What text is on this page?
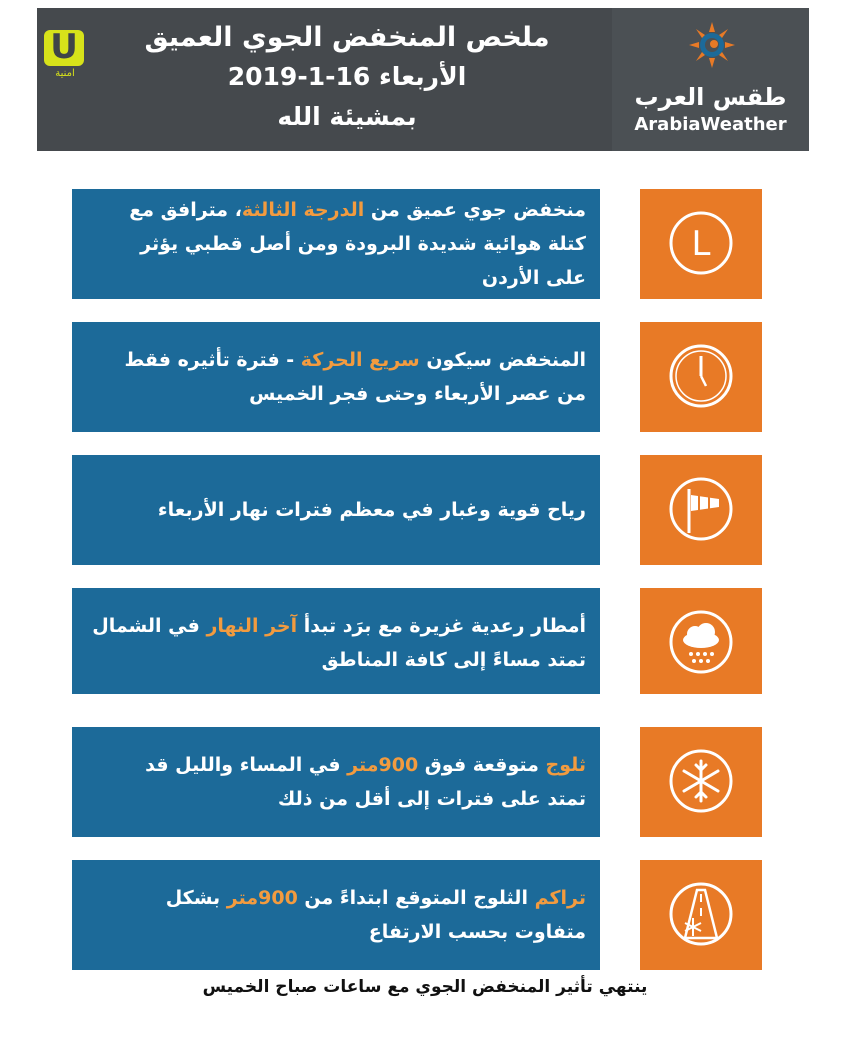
U
امنية
ملخص المنخفض الجوي العميق
الأربعاء 16-1-2019
بمشيئة الله
طقس العرب
ArabiaWeather
منخفض جوي عميق من الدرجة الثالثة، مترافق مع
كتلة هوائية شديدة البرودة ومن أصل قطبي يؤثر
على الأردن
L
المنخفض سيكون سريع الحركة - فترة تأثيره فقط
من عصر الأربعاء وحتى فجر الخميس
رياح قوية وغبار في معظم فترات نهار الأربعاء
أمطار رعدية غزيرة مع برَد تبدأ آخر النهار في الشمال
تمتد مساءً إلى كافة المناطق
ثلوج متوقعة فوق 900متر في المساء والليل قد
تمتد على فترات إلى أقل من ذلك
تراكم الثلوج المتوقع ابتداءً من 900متر بشكل
متفاوت بحسب الارتفاع
ينتهي تأثير المنخفض الجوي مع ساعات صباح الخميس
